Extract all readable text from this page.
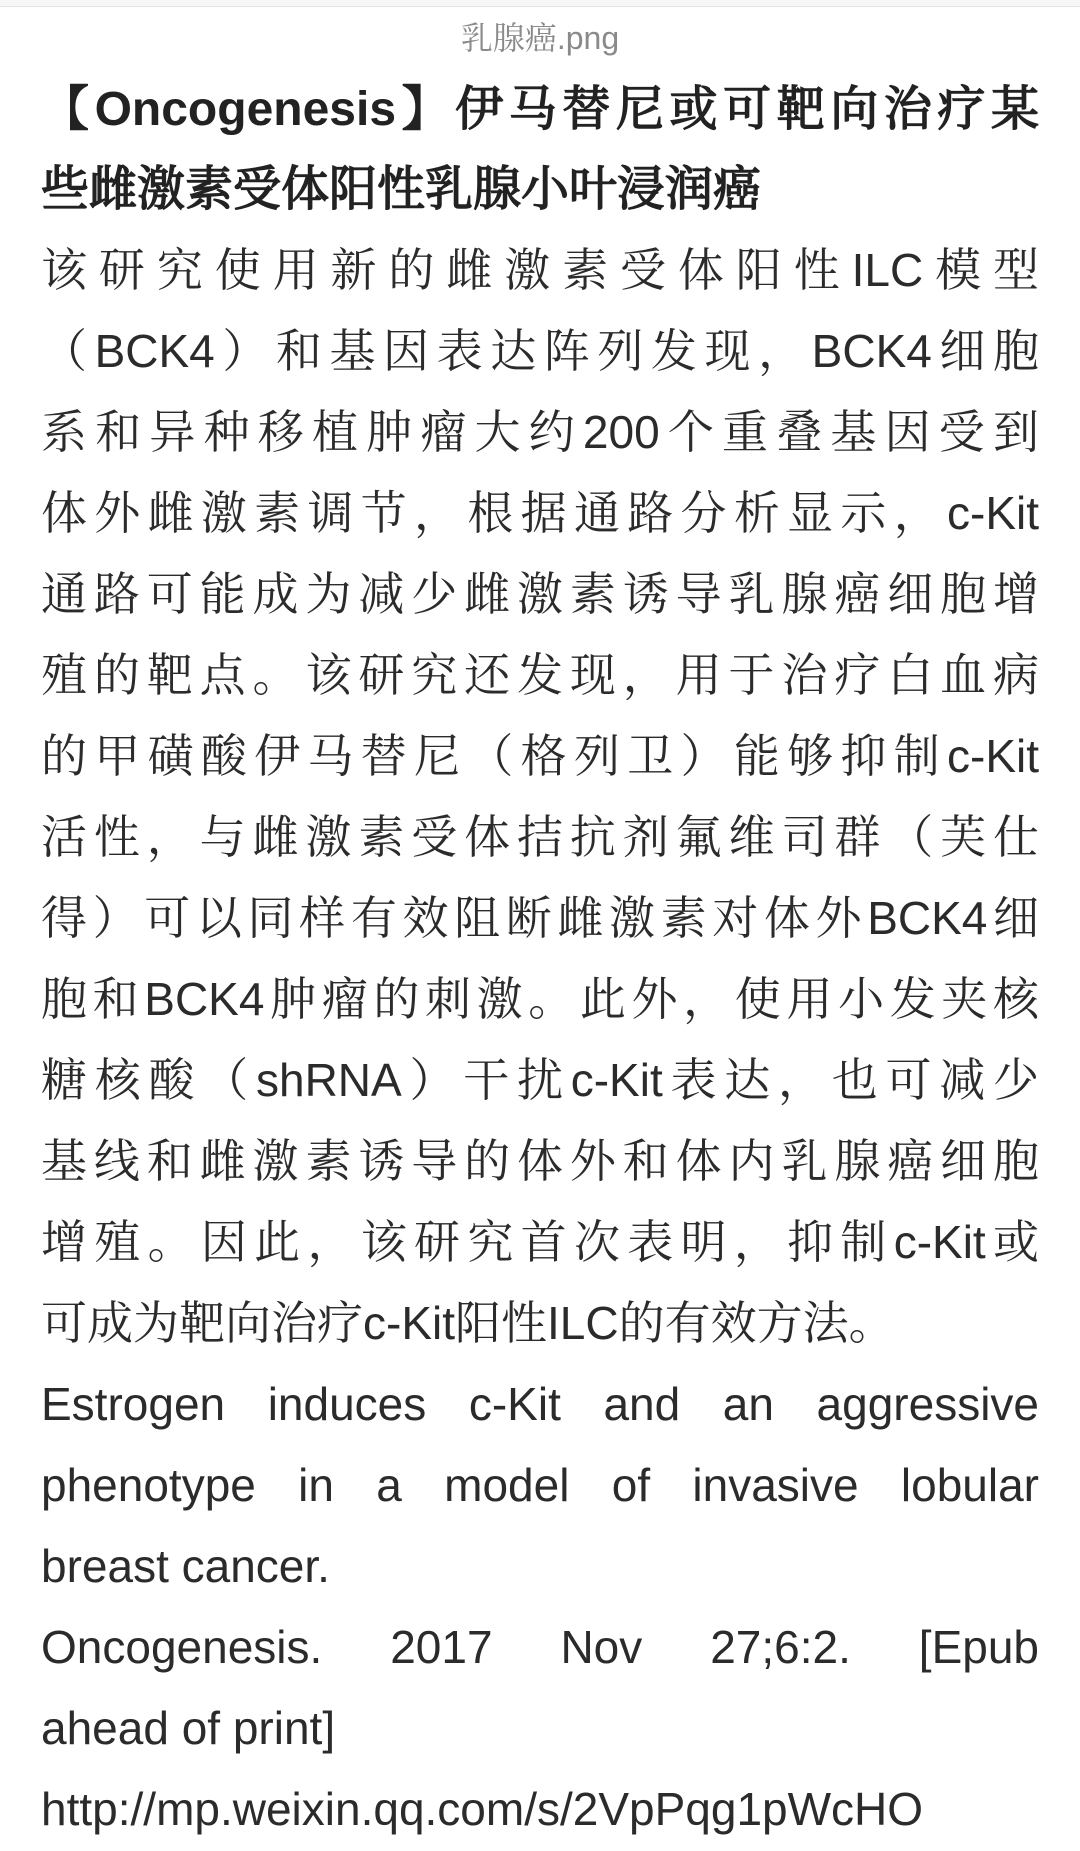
乳腺癌.png
【Oncogenesis】伊马替尼或可靶向治疗某
些雌激素受体阳性乳腺小叶浸润癌
该研究使用新的雌激素受体阳性ILC模型
（BCK4）和基因表达阵列发现，BCK4细胞
系和异种移植肿瘤大约200个重叠基因受到
体外雌激素调节，根据通路分析显示，c-Kit
通路可能成为减少雌激素诱导乳腺癌细胞增
殖的靶点。该研究还发现，用于治疗白血病
的甲磺酸伊马替尼（格列卫）能够抑制c-Kit
活性，与雌激素受体拮抗剂氟维司群（芙仕
得）可以同样有效阻断雌激素对体外BCK4细
胞和BCK4肿瘤的刺激。此外，使用小发夹核
糖核酸（shRNA）干扰c-Kit表达，也可减少
基线和雌激素诱导的体外和体内乳腺癌细胞
增殖。因此，该研究首次表明，抑制c-Kit或
可成为靶向治疗c-Kit阳性ILC的有效方法。
Estrogen induces c-Kit and an aggressive
phenotype in a model of invasive lobular
breast cancer.
Oncogenesis. 2017 Nov 27;6:2. [Epub
ahead of print]
http://mp.weixin.qq.com/s/2VpPqg1pWcHO
